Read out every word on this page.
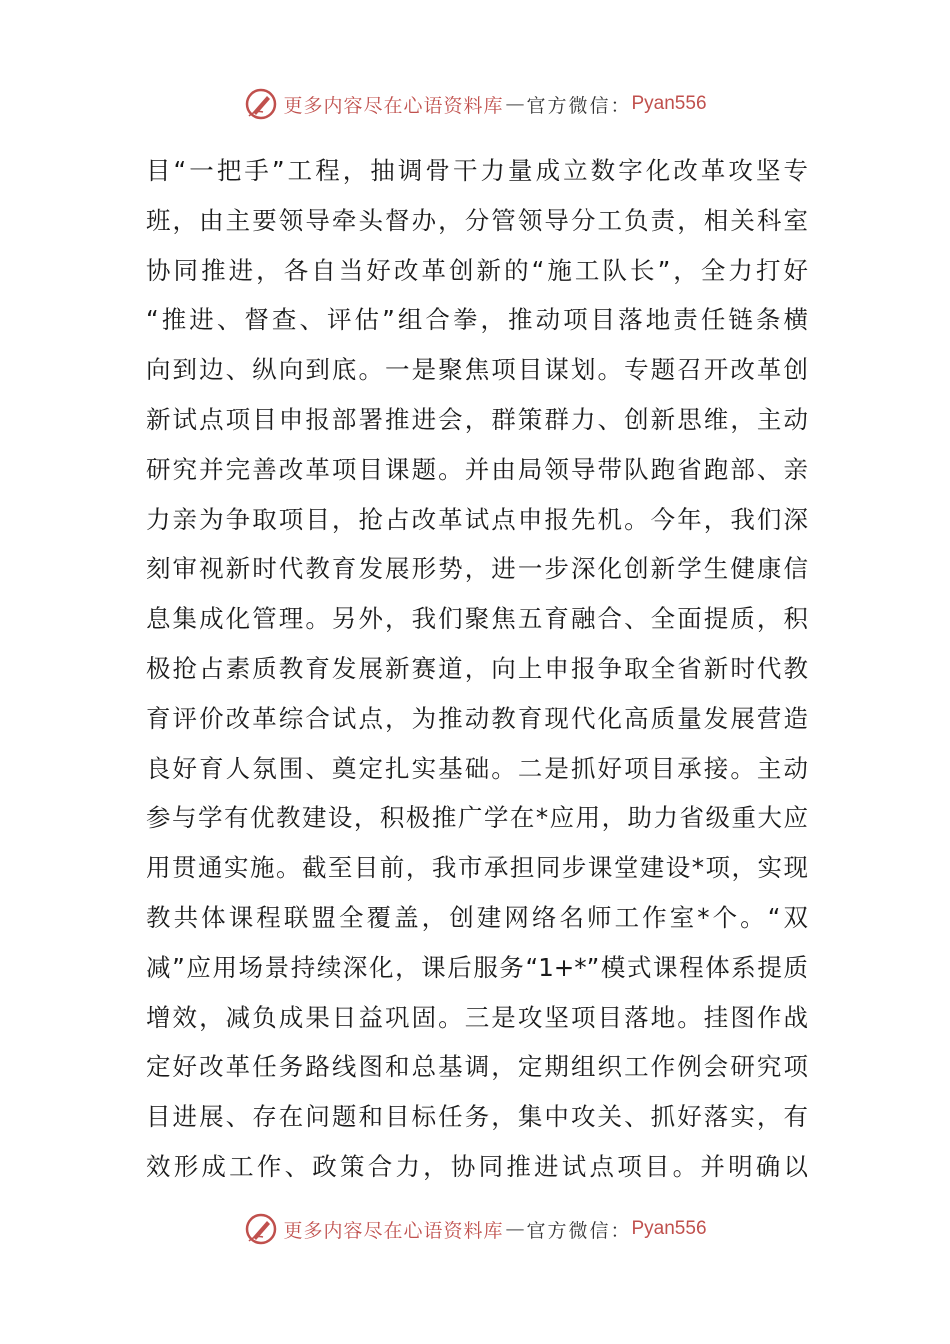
更多内容尽在心语资料库 — 官方微信： Pyan556
目“一把手”工程，抽调骨干力量成立数字化改革攻坚专
班，由主要领导牵头督办，分管领导分工负责，相关科室
协同推进，各自当好改革创新的“施工队长”，全力打好
“推进、督查、评估”组合拳，推动项目落地责任链条横
向到边、纵向到底。一是聚焦项目谋划。专题召开改革创
新试点项目申报部署推进会，群策群力、创新思维，主动
研究并完善改革项目课题。并由局领导带队跑省跑部、亲
力亲为争取项目，抢占改革试点申报先机。今年，我们深
刻审视新时代教育发展形势，进一步深化创新学生健康信
息集成化管理。另外，我们聚焦五育融合、全面提质，积
极抢占素质教育发展新赛道，向上申报争取全省新时代教
育评价改革综合试点，为推动教育现代化高质量发展营造
良好育人氛围、奠定扎实基础。二是抓好项目承接。主动
参与学有优教建设，积极推广学在*应用，助力省级重大应
用贯通实施。截至目前，我市承担同步课堂建设*项，实现
教共体课程联盟全覆盖，创建网络名师工作室*个。“双
减”应用场景持续深化，课后服务“1+*”模式课程体系提质
增效，减负成果日益巩固。三是攻坚项目落地。挂图作战
定好改革任务路线图和总基调，定期组织工作例会研究项
目进展、存在问题和目标任务，集中攻关、抓好落实，有
效形成工作、政策合力，协同推进试点项目。并明确以
更多内容尽在心语资料库 — 官方微信： Pyan556
